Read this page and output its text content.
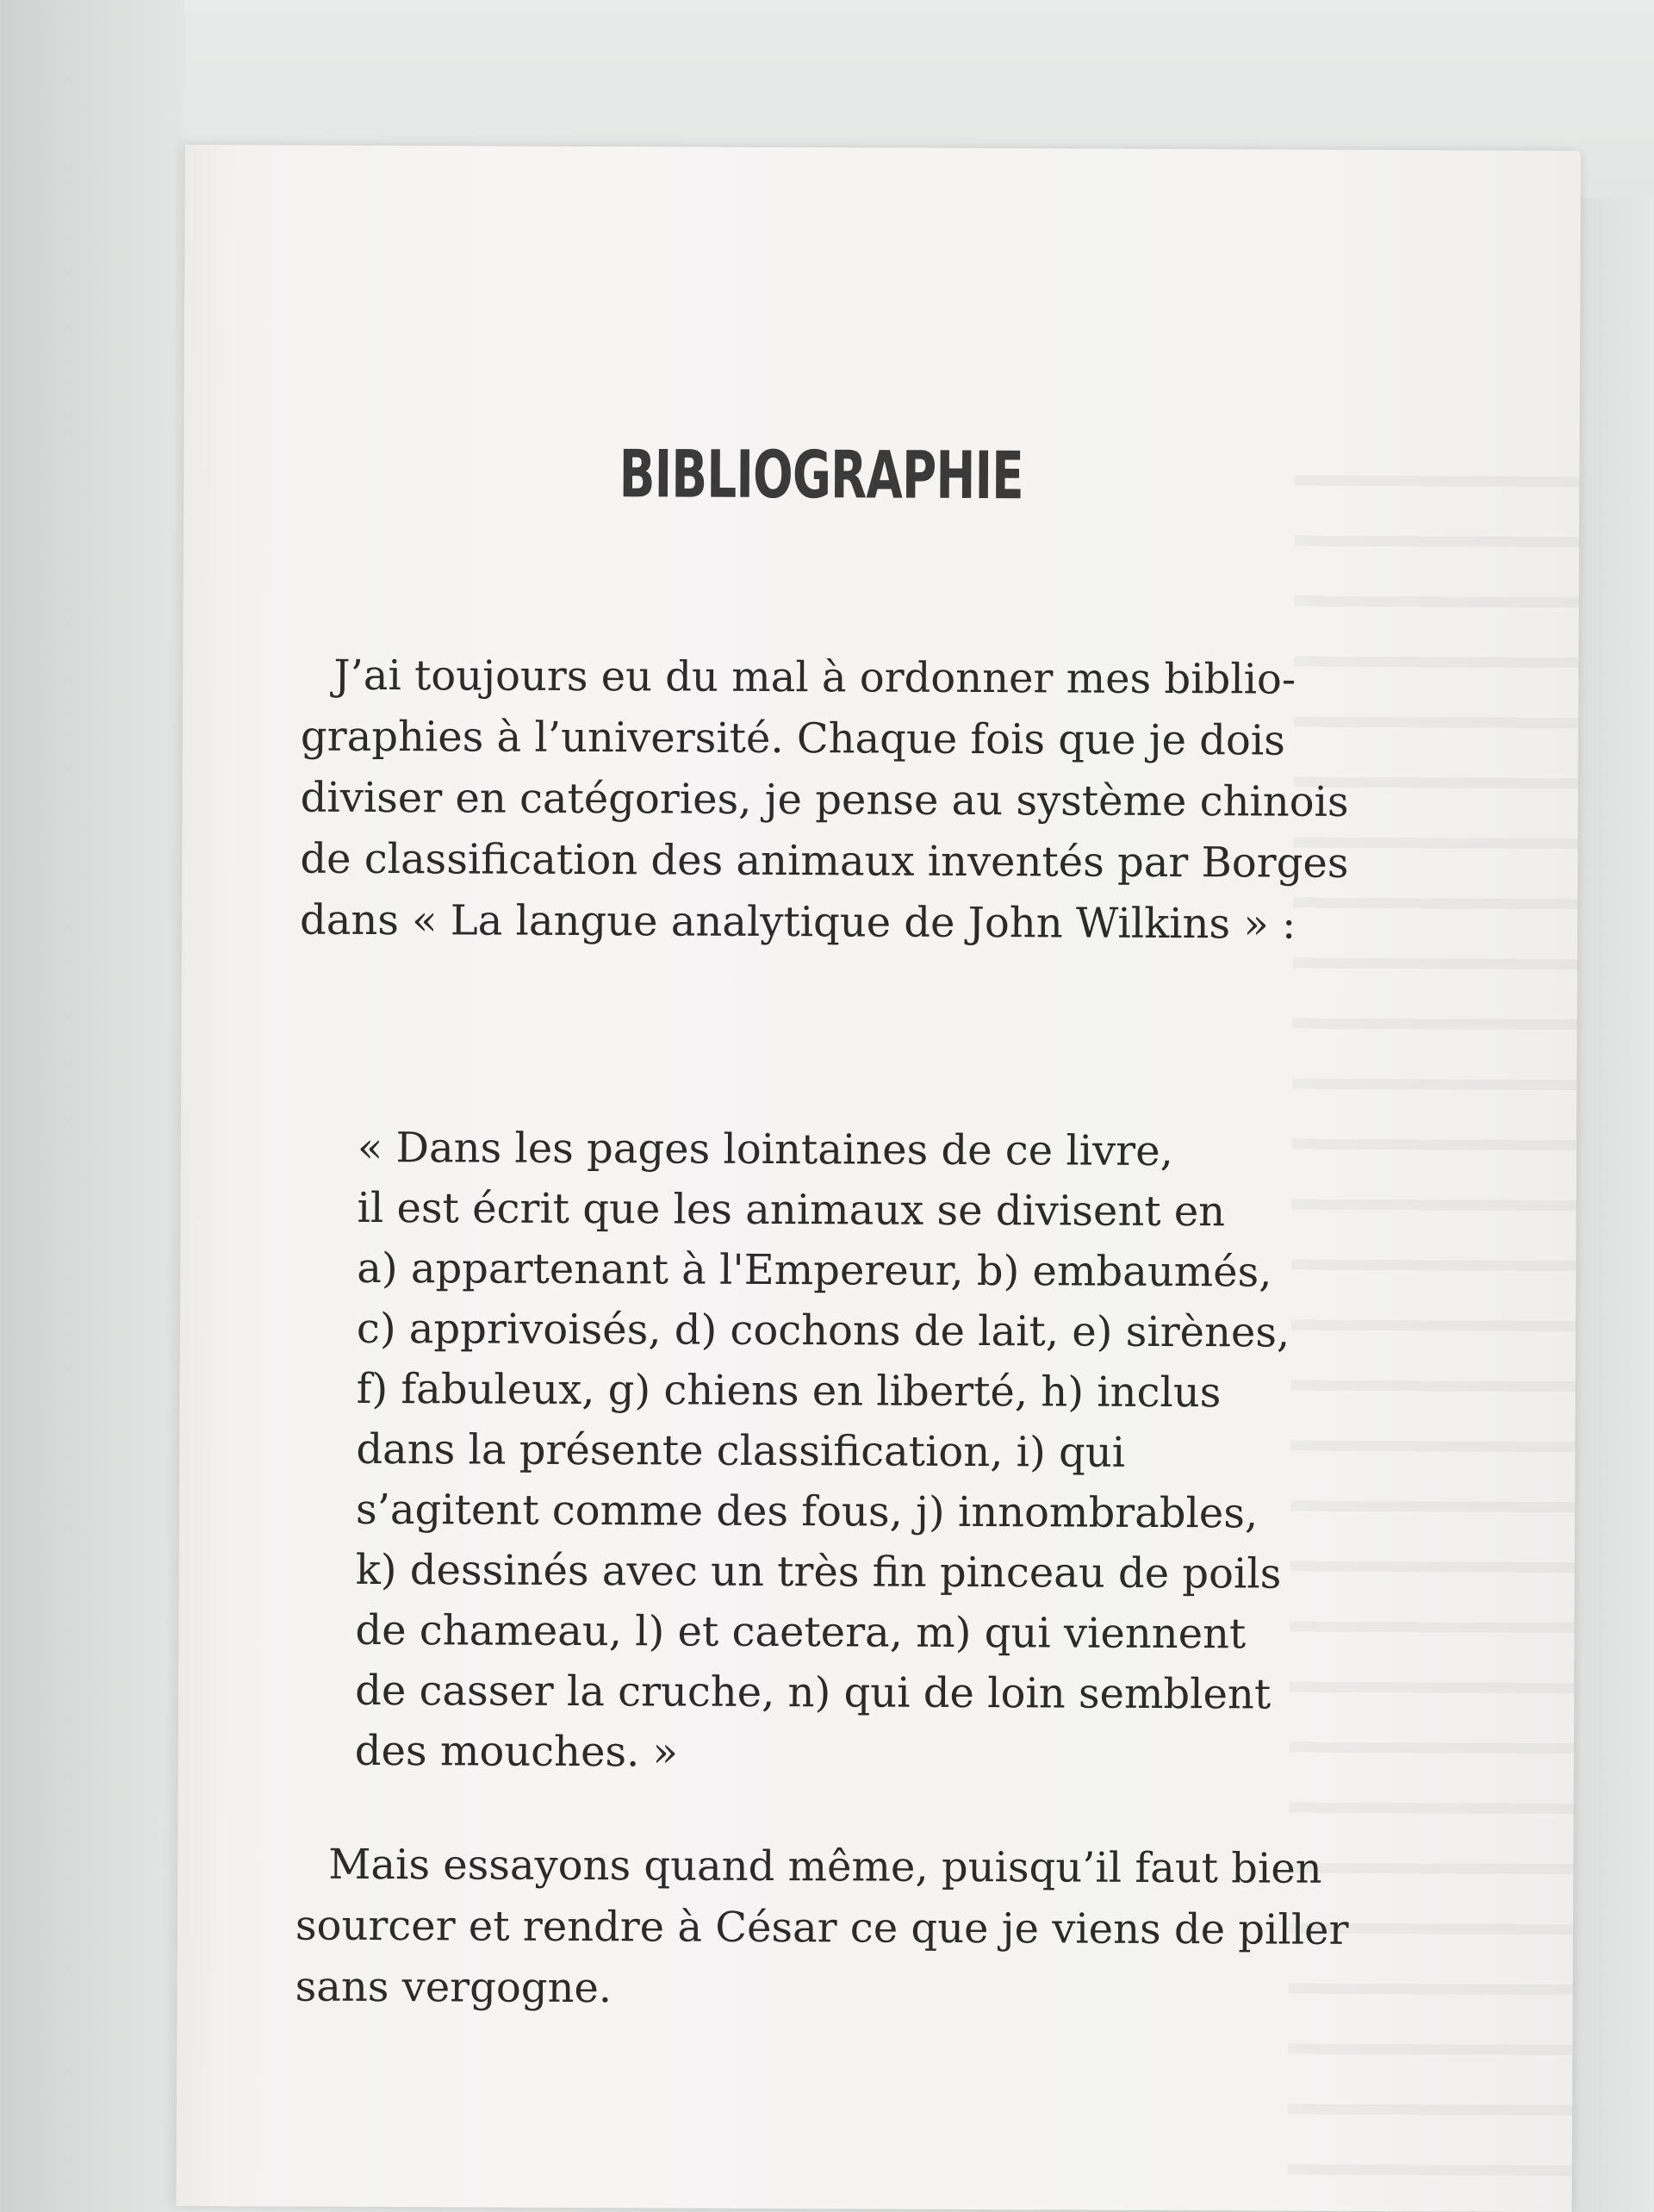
BIBLIOGRAPHIE
J’ai toujours eu du mal à ordonner mes biblio-
graphies à l’université. Chaque fois que je dois
diviser en catégories, je pense au système chinois
de classification des animaux inventés par Borges
dans « La langue analytique de John Wilkins » :
« Dans les pages lointaines de ce livre,
il est écrit que les animaux se divisent en
a) appartenant à l'Empereur, b) embaumés,
c) apprivoisés, d) cochons de lait, e) sirènes,
f) fabuleux, g) chiens en liberté, h) inclus
dans la présente classification, i) qui
s’agitent comme des fous, j) innombrables,
k) dessinés avec un très fin pinceau de poils
de chameau, l) et caetera, m) qui viennent
de casser la cruche, n) qui de loin semblent
des mouches. »
Mais essayons quand même, puisqu’il faut bien
sourcer et rendre à César ce que je viens de piller
sans vergogne.
